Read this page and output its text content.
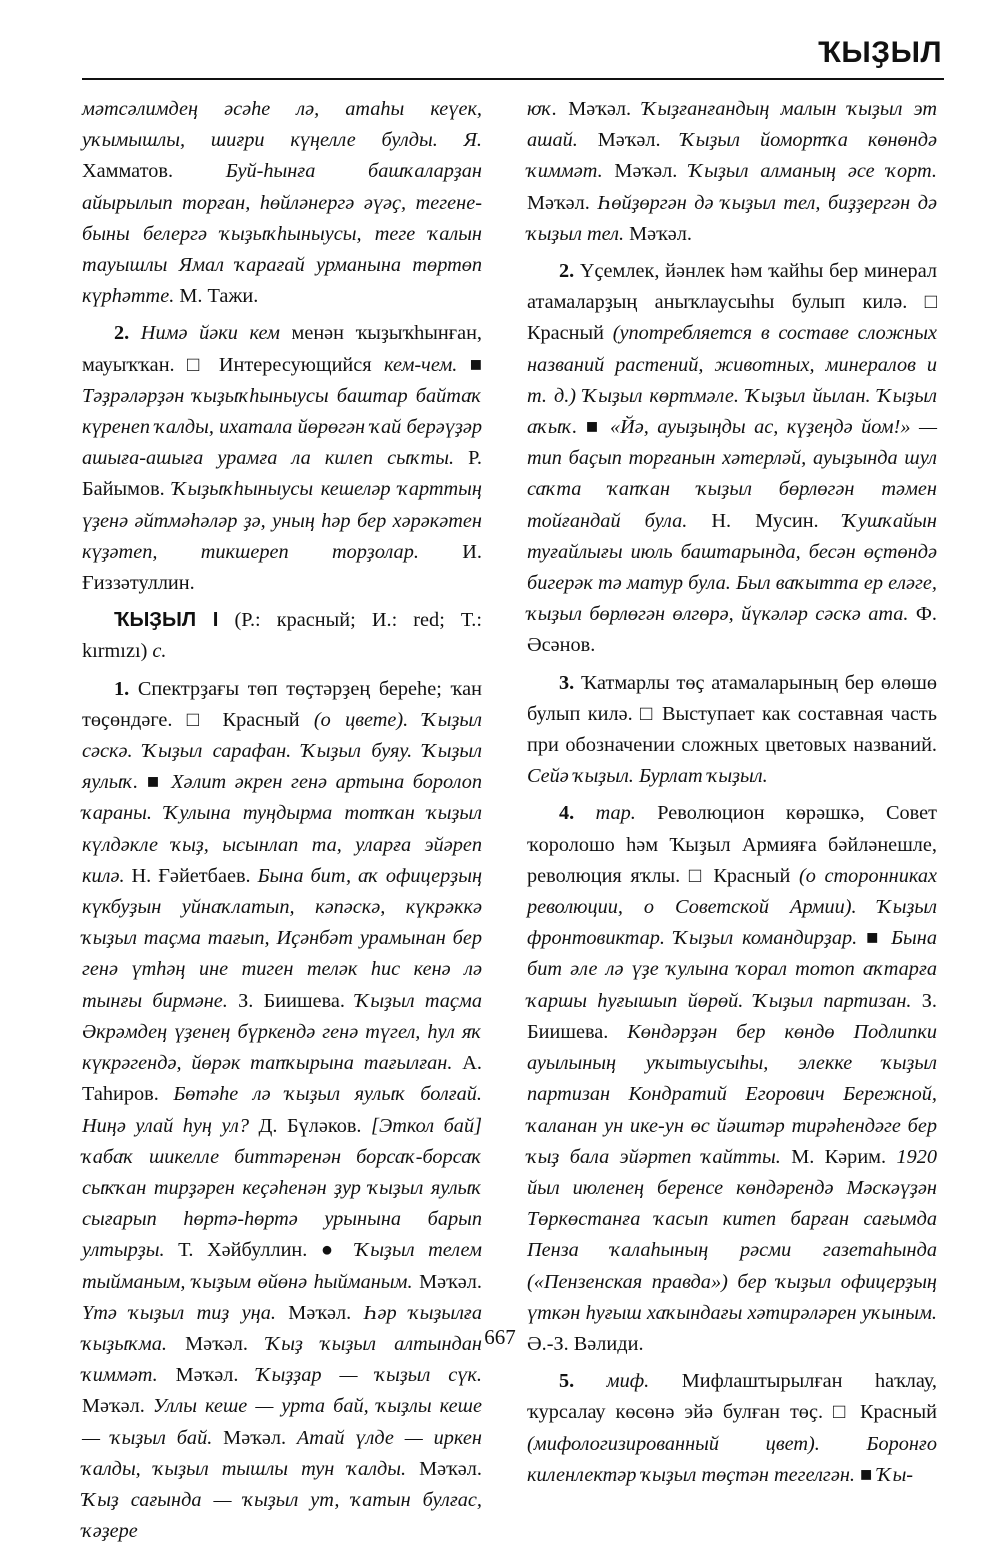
ҠЫҘЫЛ

мәтсәлимдең әсәһе лә, атаһы кеүек, уҡымышлы, шиғри күңелле булды. Я. Хамматов. Буй-һынға башҡаларҙан айырылып торған, һөйләнергә әүәҫ, тегене-быны белергә ҡыҙыҡһыныусы, теге ҡалын тауышлы Ямал ҡарағай урманына төртөп күрһәтте. М. Тажи.

2. Нимә йәки кем менән ҡыҙыҡһынған, мауыҡҡан. □ Интересующийся кем-чем. ■ Тәҙрәләрҙән ҡыҙыҡһыныусы баштар байтаҡ күренеп ҡалды, ихатала йөрөгән ҡай берәүҙәр ашыға-ашыға урамға ла килеп сыҡты. Р. Байымов. Ҡыҙыҡһыныусы кешеләр ҡарттың үҙенә әйтмәһәләр ҙә, уның һәр бер хәрәкәтен күҙәтеп, тикшереп торҙолар. И. Ғиззәтуллин.

ҠЫҘЫЛ I (Р.: красный; И.: red; Т.: kırmızı) с.

1. Спектрҙағы төп төҫтәрҙең береһе; ҡан төҫөндәге. □ Красный (о цвете). Ҡыҙыл сәскә. Ҡыҙыл сарафан. Ҡыҙыл буяу. Ҡыҙыл яулыҡ. ■ Хәлит әкрен генә артына боролоп ҡараны. Ҡулына туңдырма тотҡан ҡыҙыл күлдәкле ҡыҙ, ысынлап та, уларға эйәреп килә. Н. Ғәйетбаев. Бына бит, аҡ офицерҙың күкбуҙын уйнаҡлатып, кәпәскә, күкрәккә ҡыҙыл таҫма тағып, Иҫәнбәт урамынан бер генә үтһәң ине тиген теләк һис кенә лә тынғы бирмәне. З. Биишева. Ҡыҙыл таҫма Әкрәмдең үҙенең бүркендә генә түгел, һул яҡ күкрәгендә, йөрәк тапҡырына тағылған. А. Таһиров. Бөтәһе лә ҡыҙыл яулыҡ болғай. Ниңә улай һуң ул? Д. Бүләков. [Эткол бай] ҡабаҡ шикелле биттәренән борсаҡ-борсаҡ сыҡҡан тирҙәрен кеҫәһенән ҙур ҡыҙыл яулыҡ сығарып һөртә-һөртә урынына барып ултырҙы. Т. Хәйбуллин. ● Ҡыҙыл телем тыйманым, ҡыҙым өйөнә һыйманым. Мәҡәл. Үтә ҡыҙыл тиҙ уңа. Мәҡәл. Һәр ҡыҙылға ҡыҙыҡма. Мәҡәл. Ҡыҙ ҡыҙыл алтындан ҡиммәт. Мәҡәл. Ҡыҙҙар — ҡыҙыл сүк. Мәҡәл. Уллы кеше — урта бай, ҡыҙлы кеше — ҡыҙыл бай. Мәҡәл. Атай үлде — иркен ҡалды, ҡыҙыл тышлы тун ҡалды. Мәҡәл. Ҡыҙ сағында — ҡыҙыл ут, ҡатын булғас, ҡәҙере

юҡ. Мәҡәл. Ҡыҙғанғандың малын ҡыҙыл эт ашай. Мәҡәл. Ҡыҙыл йомортҡа көнөндә ҡиммәт. Мәҡәл. Ҡыҙыл алманың әсе ҡорт. Мәҡәл. Һөйҙөргән дә ҡыҙыл тел, биҙҙергән дә ҡыҙыл тел. Мәҡәл.

2. Үҫемлек, йәнлек һәм ҡайһы бер минерал атамаларҙың аныҡлаусыһы булып килә. □ Красный (употребляется в составе сложных названий растений, животных, минералов и т. д.) Ҡыҙыл көртмәле. Ҡыҙыл йылан. Ҡыҙыл аҡыҡ. ■ «Йә, ауыҙыңды ас, күҙеңдә йом!» — тип баҫып торғанын хәтерләй, ауыҙында шул саҡта ҡапҡан ҡыҙыл бөрлөгән тәмен тойғандай була. Н. Мусин. Ҡушҡайын туғайлығы июль баштарында, бесән өҫтөндә бигерәк тә матур була. Был ваҡытта ер eләге, ҡыҙыл бөрлөгән өлгөрә, йүкәләр сәскә ата. Ф. Әсәнов.

3. Ҡатмарлы төҫ атамаларының бер өлөшө булып килә. □ Выступает как составная часть при обозначении сложных цветовых названий. Сейә ҡыҙыл. Бурлат ҡыҙыл.

4. тар. Революцион көрәшкә, Совет ҡоролошо һәм Ҡыҙыл Армияға бәйләнешле, революция яҡлы. □ Красный (о сторонниках революции, о Советской Армии). Ҡыҙыл фронтовиктар. Ҡыҙыл командирҙар. ■ Бына бит әле лә үҙе ҡулына ҡорал тотоп аҡтарға ҡаршы һуғышып йөрөй. Ҡыҙыл партизан. З. Биишева. Көндәрҙән бер көндө Подлипки ауылының уҡытыусыһы, элекке ҡыҙыл партизан Кондратий Егорович Бережной, ҡаланан ун ике-ун өс йәштәр тирәһендәге бер ҡыҙ бала эйәртеп ҡайтты. М. Кәрим. 1920 йыл июленең беренсе көндәрендә Мәскәүҙән Төркөстанға ҡасып китеп барған сағымда Пенза ҡалаһының рәсми газетаһында («Пензенская правда») бер ҡыҙыл офицерҙың үткән һуғыш хаҡындағы хәтирәләрен уҡыным. Ә.-З. Вәлиди.

5. миф. Мифлаштырылған һаҡлау, ҡурсалау көсөнә эйә булған төҫ. □ Красный (мифологизированный цвет). Боронғо киленлектәр ҡыҙыл төҫтән тегелгән. ■ Ҡы-

667
